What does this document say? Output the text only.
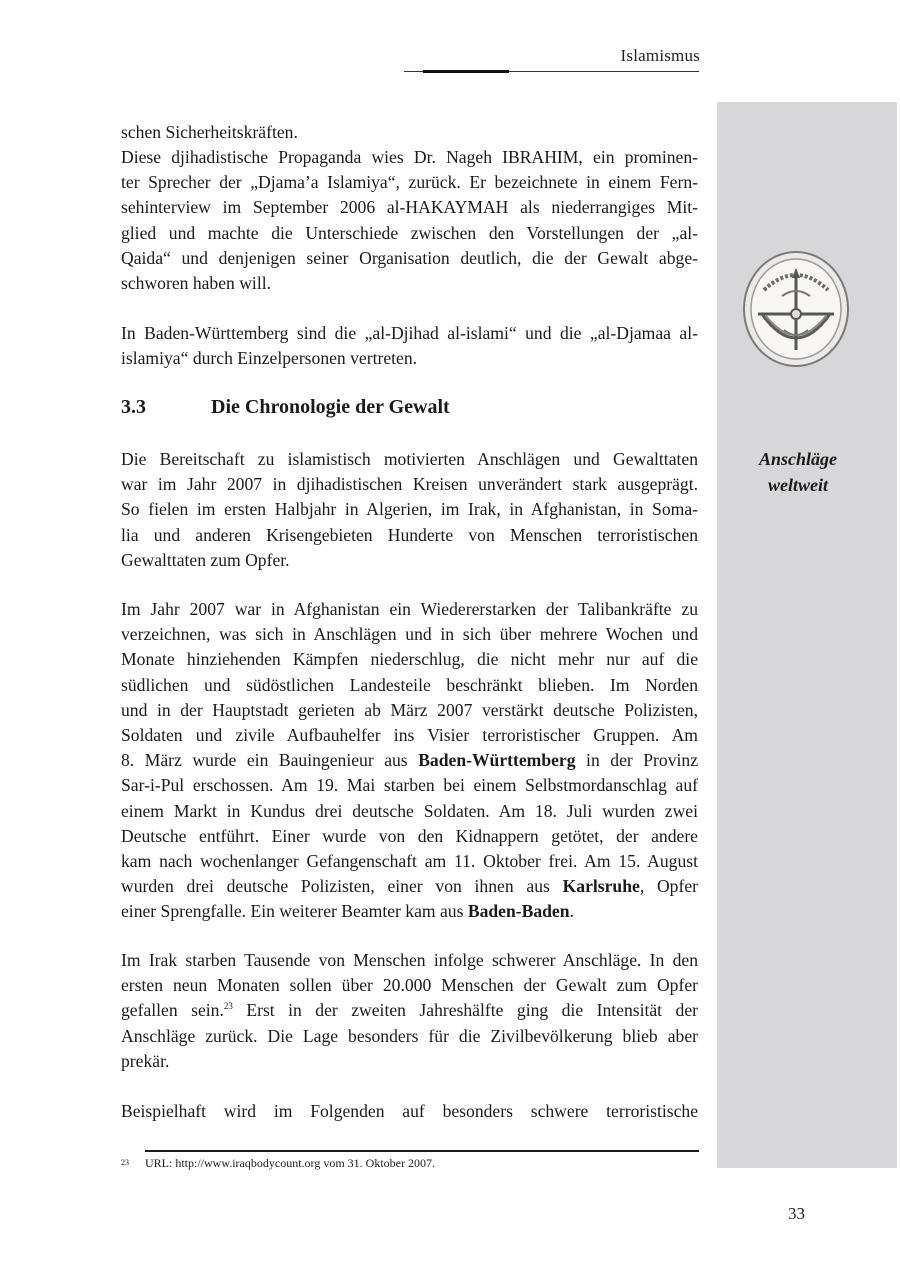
Islamismus
Anschläge
weltweit

schen Sicherheitskräften.

Diese djihadistische Propaganda wies Dr. Nageh IBRAHIM, ein prominen-

ter Sprecher der „Djama’a Islamiya“, zurück. Er bezeichnete in einem Fern-

sehinterview im September 2006 al-HAKAYMAH als niederrangiges Mit-

glied und machte die Unterschiede zwischen den Vorstellungen der „al-

Qaida“ und denjenigen seiner Organisation deutlich, die der Gewalt abge-

schworen haben will.

In Baden-Württemberg sind die „al-Djihad al-islami“ und die „al-Djamaa al-

islamiya“ durch Einzelpersonen vertreten.

3.3	Die Chronologie der Gewalt

Die Bereitschaft zu islamistisch motivierten Anschlägen und Gewalttaten

war im Jahr 2007 in djihadistischen Kreisen unverändert stark ausgeprägt.

So fielen im ersten Halbjahr in Algerien, im Irak, in Afghanistan, in Soma-

lia und anderen Krisengebieten Hunderte von Menschen terroristischen

Gewalttaten zum Opfer.

Im Jahr 2007 war in Afghanistan ein Wiedererstarken der Talibankräfte zu

verzeichnen, was sich in Anschlägen und in sich über mehrere Wochen und

Monate hinziehenden Kämpfen niederschlug, die nicht mehr nur auf die

südlichen und südöstlichen Landesteile beschränkt blieben. Im Norden

und in der Hauptstadt gerieten ab März 2007 verstärkt deutsche Polizisten,

Soldaten und zivile Aufbauhelfer ins Visier terroristischer Gruppen. Am

8. März wurde ein Bauingenieur aus Baden-Württemberg in der Provinz

Sar-i-Pul erschossen. Am 19. Mai starben bei einem Selbstmordanschlag auf

einem Markt in Kundus drei deutsche Soldaten. Am 18. Juli wurden zwei

Deutsche entführt. Einer wurde von den Kidnappern getötet, der andere

kam nach wochenlanger Gefangenschaft am 11. Oktober frei. Am 15. August

wurden drei deutsche Polizisten, einer von ihnen aus Karlsruhe, Opfer

einer Sprengfalle. Ein weiterer Beamter kam aus Baden-Baden.

Im Irak starben Tausende von Menschen infolge schwerer Anschläge. In den

ersten neun Monaten sollen über 20.000 Menschen der Gewalt zum Opfer

gefallen sein.$^{23}$ Erst in der zweiten Jahreshälfte ging die Intensität der

Anschläge zurück. Die Lage besonders für die Zivilbevölkerung blieb aber

prekär.

Beispielhaft wird im Folgenden auf besonders schwere terroristische

23 URL: http://www.iraqbodycount.org vom 31. Oktober 2007.
33
